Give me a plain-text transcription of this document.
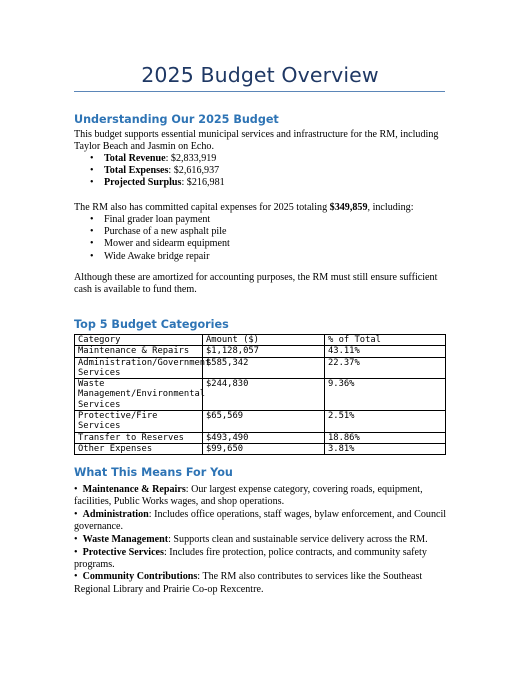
2025 Budget Overview
Understanding Our 2025 Budget
This budget supports essential municipal services and infrastructure for the RM, including Taylor Beach and Jasmin on Echo.
• Total Revenue: $2,833,919
• Total Expenses: $2,616,937
• Projected Surplus: $216,981
The RM also has committed capital expenses for 2025 totaling $349,859, including:
• Final grader loan payment
• Purchase of a new asphalt pile
• Mower and sidearm equipment
• Wide Awake bridge repair
Although these are amortized for accounting purposes, the RM must still ensure sufficient cash is available to fund them.
Top 5 Budget Categories
Category	Amount ($)	% of Total
Maintenance & Repairs	$1,128,057	43.11%
Administration/Government Services	$585,342	22.37%
Waste Management/Environmental Services	$244,830	9.36%
Protective/Fire Services	$65,569	2.51%
Transfer to Reserves	$493,490	18.86%
Other Expenses	$99,650	3.81%
What This Means For You

• Maintenance & Repairs: Our largest expense category, covering roads, equipment, facilities, Public Works wages, and shop operations.

• Administration: Includes office operations, staff wages, bylaw enforcement, and Council governance.

• Waste Management: Supports clean and sustainable service delivery across the RM.

• Protective Services: Includes fire protection, police contracts, and community safety programs.

• Community Contributions: The RM also contributes to services like the Southeast Regional Library and Prairie Co-op Rexcentre.
